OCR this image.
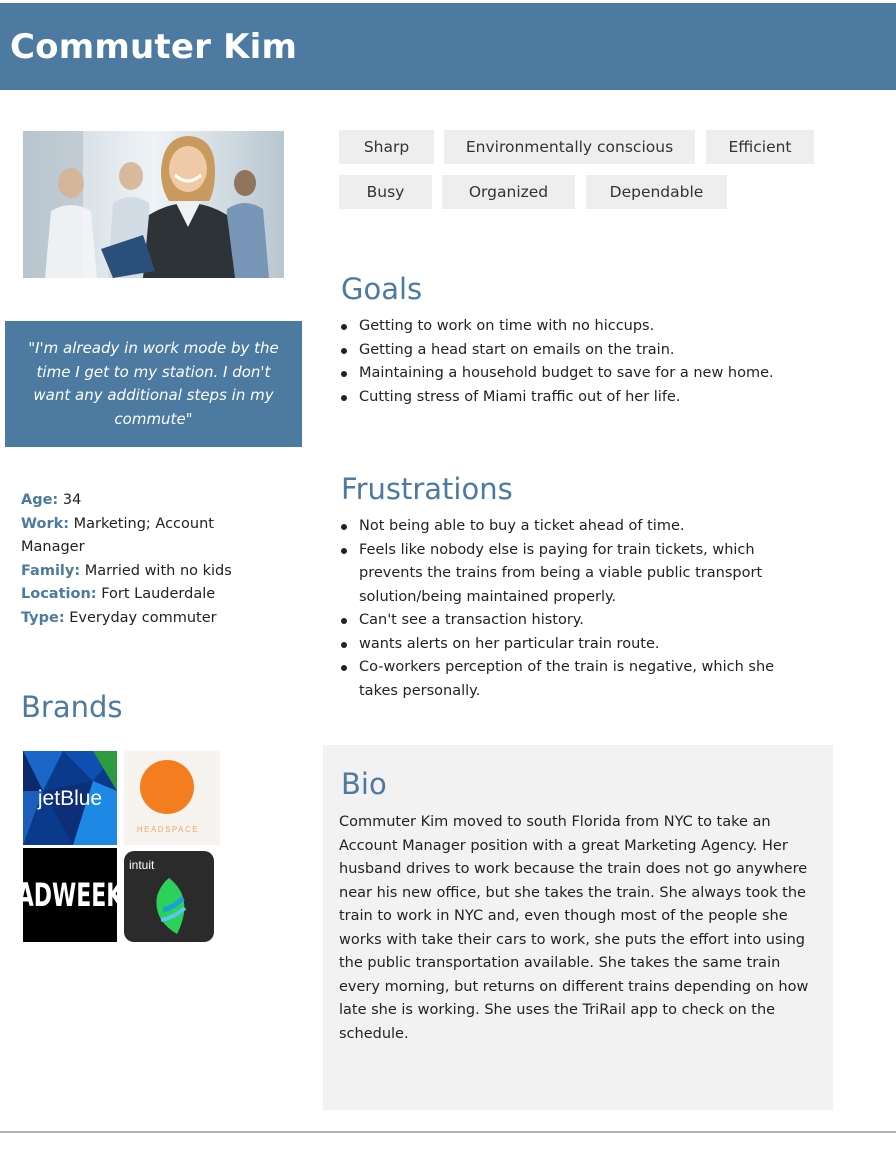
Commuter Kim
"I'm already in work mode by the time I get to my station. I don't want any additional steps in my commute"
Sharp	Environmentally conscious	Efficient
Busy	Organized	Dependable
Goals
Getting to work on time with no hiccups.
Getting a head start on emails on the train.
Maintaining a household budget to save for a new home.
Cutting stress of Miami traffic out of her life.
Frustrations
Not being able to buy a ticket ahead of time.
Feels like nobody else is paying for train tickets, which prevents the trains from being a viable public transport solution/being maintained properly.
Can't see a transaction history.
wants alerts on her particular train route.
Co-workers perception of the train is negative, which she takes personally.
Age: 34
Work: Marketing; Account Manager
Family: Married with no kids
Location: Fort Lauderdale
Type: Everyday commuter
Brands
jetBlue
HEADSPACE
ADWEEK
intuit
Bio

Commuter Kim moved to south Florida from NYC to take an Account Manager position with a great Marketing Agency. Her husband drives to work because the train does not go anywhere near his new office, but she takes the train. She always took the train to work in NYC and, even though most of the people she works with take their cars to work, she puts the effort into using the public transportation available. She takes the same train every morning, but returns on different trains depending on how late she is working. She uses the TriRail app to check on the schedule.
